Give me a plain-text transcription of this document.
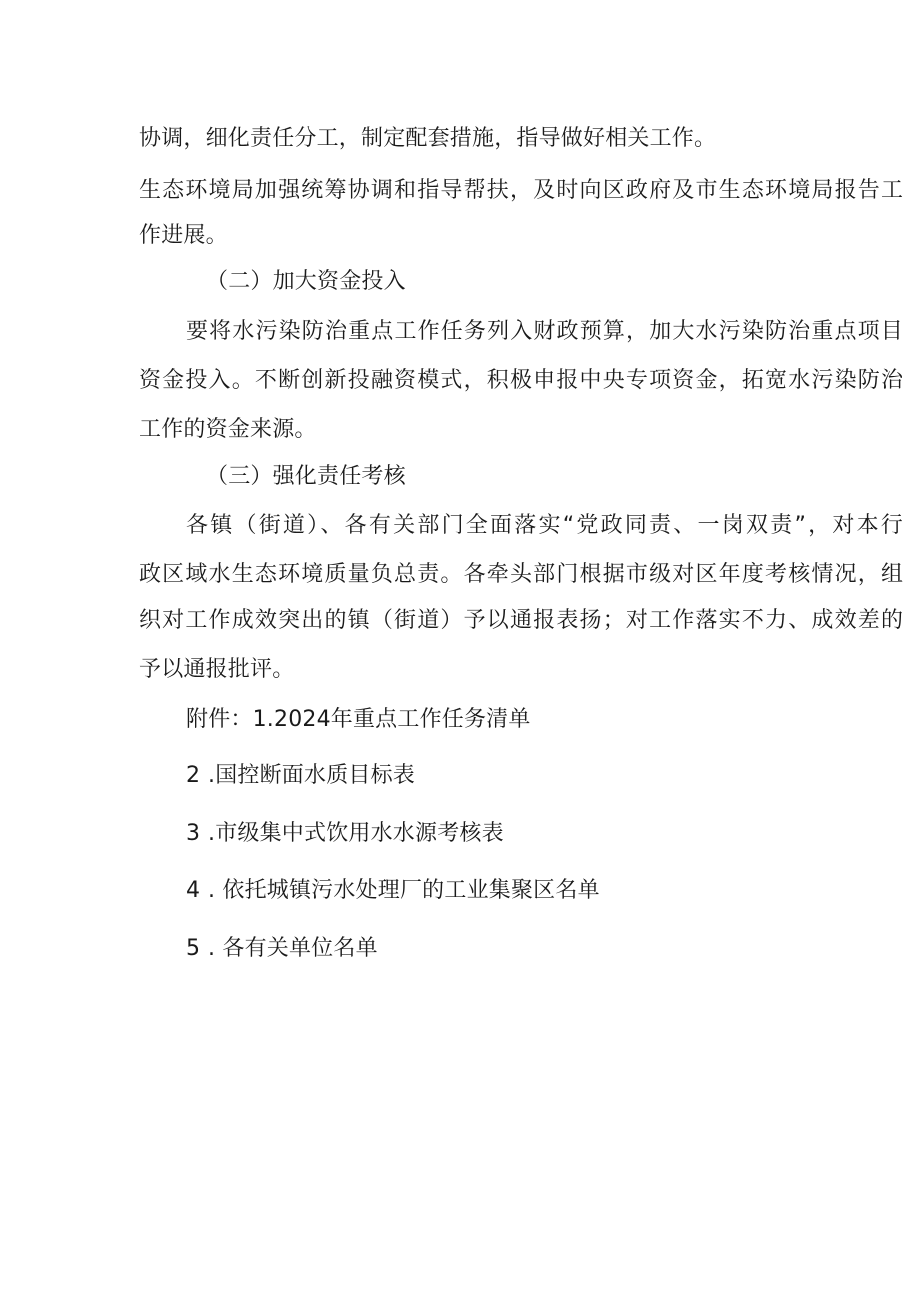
协调，细化责任分工，制定配套措施，指导做好相关工作。
生态环境局加强统筹协调和指导帮扶，及时向区政府及市生态环境局报告工
作进展。
（二）加大资金投入
要将水污染防治重点工作任务列入财政预算，加大水污染防治重点项目
资金投入。不断创新投融资模式，积极申报中央专项资金，拓宽水污染防治
工作的资金来源。
（三）强化责任考核
各镇（街道）、各有关部门全面落实“党政同责、一岗双责”，对本行
政区域水生态环境质量负总责。各牵头部门根据市级对区年度考核情况，组
织对工作成效突出的镇（街道）予以通报表扬；对工作落实不力、成效差的
予以通报批评。
附件：1.2024年重点工作任务清单
2 .国控断面水质目标表
3 .市级集中式饮用水水源考核表
4 . 依托城镇污水处理厂的工业集聚区名单
5 . 各有关单位名单
